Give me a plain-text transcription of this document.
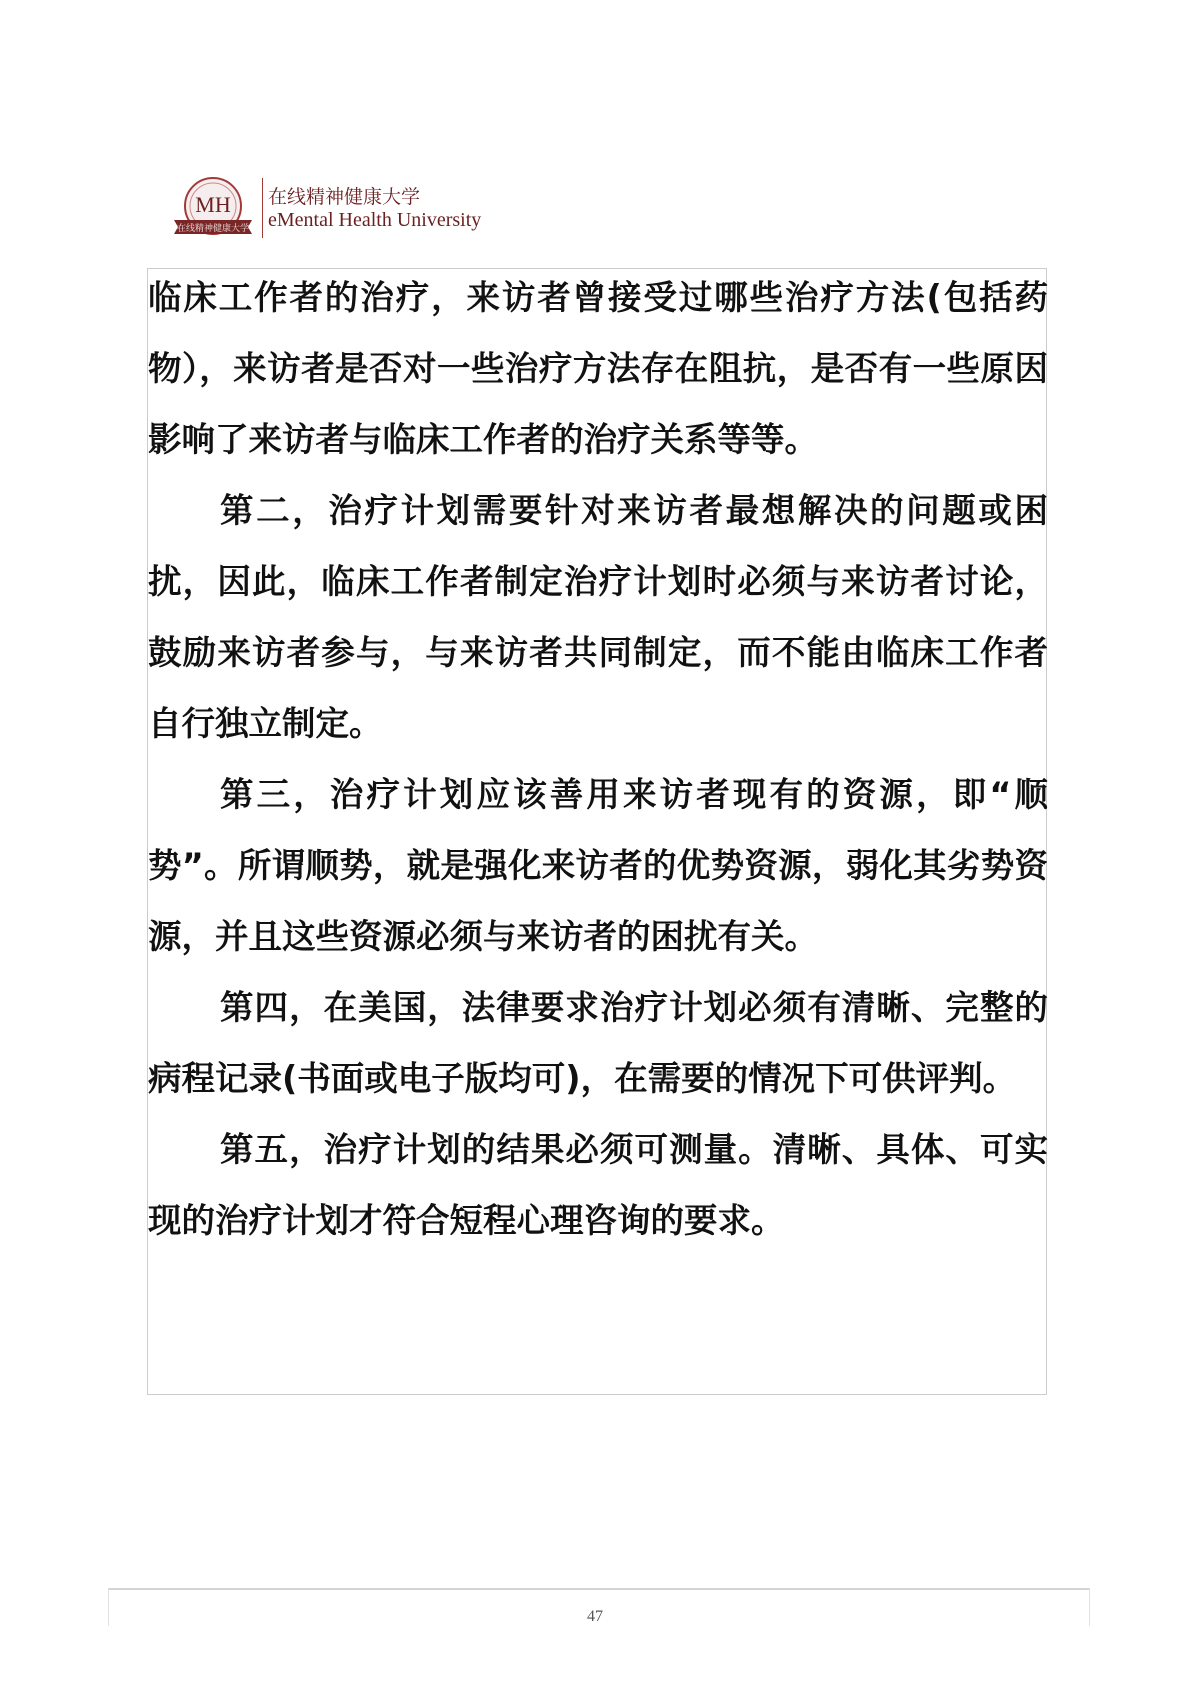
MH
在线精神健康大学
在线精神健康大学
eMental Health University

临床工作者的治疗，来访者曾接受过哪些治疗方法(包括药物），来访者是否对一些治疗方法存在阻抗，是否有一些原因影响了来访者与临床工作者的治疗关系等等。

第二，治疗计划需要针对来访者最想解决的问题或困扰，因此，临床工作者制定治疗计划时必须与来访者讨论，鼓励来访者参与，与来访者共同制定，而不能由临床工作者自行独立制定。

第三，治疗计划应该善用来访者现有的资源，即“顺势”。所谓顺势，就是强化来访者的优势资源，弱化其劣势资源，并且这些资源必须与来访者的困扰有关。

第四，在美国，法律要求治疗计划必须有清晰、完整的病程记录(书面或电子版均可)，在需要的情况下可供评判。

第五，治疗计划的结果必须可测量。清晰、具体、可实现的治疗计划才符合短程心理咨询的要求。

47
